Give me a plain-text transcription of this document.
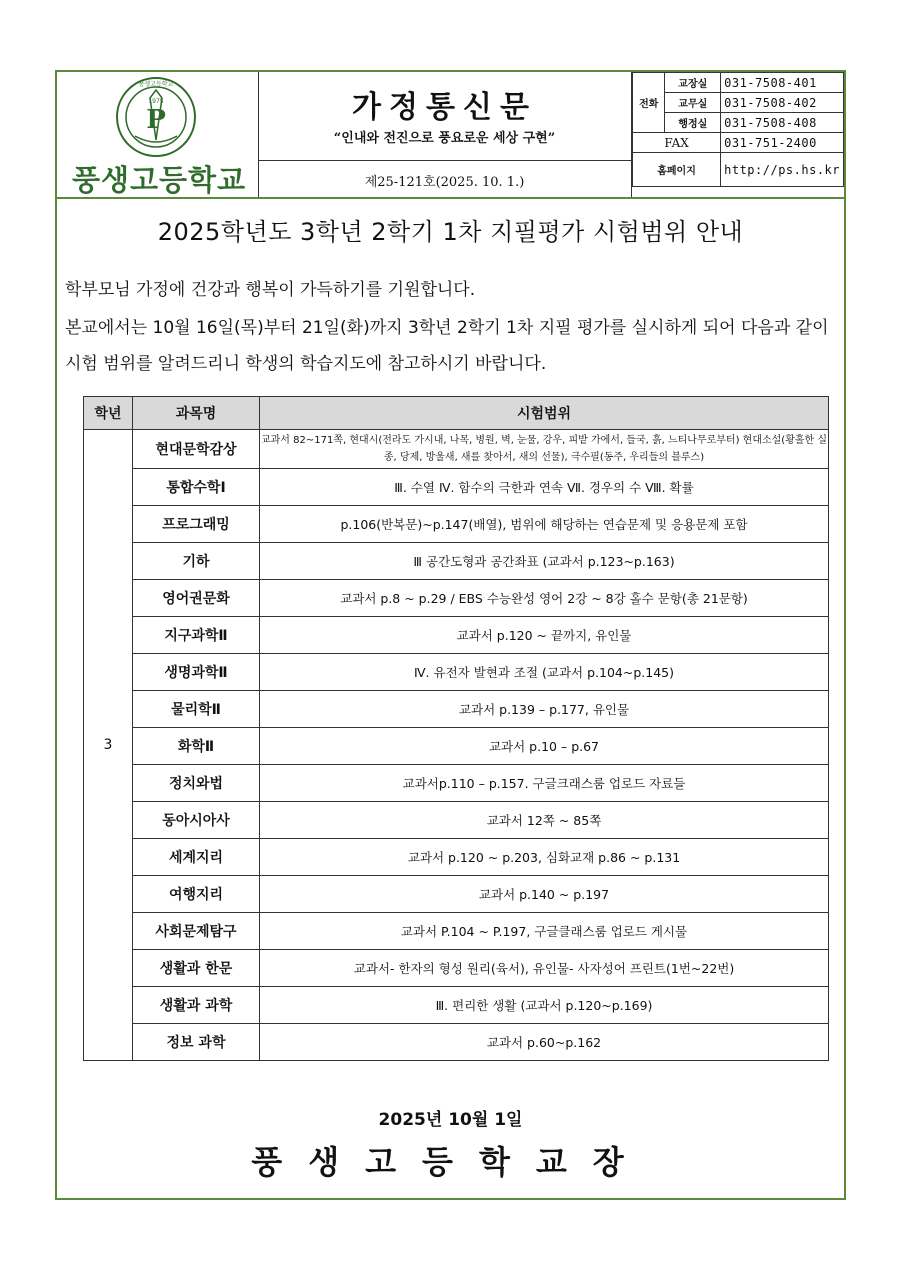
P
풍생고등학교
1975
풍생고등학교
가정통신문
“인내와 전진으로 풍요로운 세상 구현”
제25-121호(2025. 10. 1.)
전화	교장실	031-7508-401
	교무실	031-7508-402
	행정실	031-7508-408
FAX		031-751-2400
홈페이지		http://ps.hs.kr
2025학년도 3학년 2학기 1차 지필평가 시험범위 안내
학부모님 가정에 건강과 행복이 가득하기를 기원합니다.
본교에서는 10월 16일(목)부터 21일(화)까지 3학년 2학기 1차 지필 평가를 실시하게 되어 다음과 같이 시험 범위를 알려드리니 학생의 학습지도에 참고하시기 바랍니다.
학년	과목명	시험범위
3	현대문학감상	교과서 82~171쪽, 현대시(전라도 가시내, 나목, 병원, 벽, 눈물, 강우, 피밭 가에서, 들국, 흙, 느티나무로부터) 현대소설(황홀한 실종, 당제, 방울새, 새를 찾아서, 새의 선물), 극수필(동주, 우리들의 블루스)
	통합수학Ⅰ	Ⅲ. 수열 Ⅳ. 함수의 극한과 연속 Ⅶ. 경우의 수 Ⅷ. 확률
	프로그래밍	p.106(반복문)~p.147(배열), 범위에 해당하는 연습문제 및 응용문제 포함
	기하	Ⅲ 공간도형과 공간좌표 (교과서 p.123~p.163)
	영어권문화	교과서 p.8 ~ p.29 / EBS 수능완성 영어 2강 ~ 8강 홀수 문항(총 21문항)
	지구과학Ⅱ	교과서 p.120 ~ 끝까지, 유인물
	생명과학Ⅱ	Ⅳ. 유전자 발현과 조절 (교과서 p.104~p.145)
	물리학Ⅱ	교과서 p.139 – p.177, 유인물
	화학Ⅱ	교과서 p.10 – p.67
	정치와법	교과서p.110 – p.157. 구글크래스룸 업로드 자료들
	동아시아사	교과서 12쪽 ~ 85쪽
	세계지리	교과서 p.120 ~ p.203, 심화교재 p.86 ~ p.131
	여행지리	교과서 p.140 ~ p.197
	사회문제탐구	교과서 P.104 ~ P.197, 구글클래스룸 업로드 게시물
	생활과 한문	교과서- 한자의 형성 원리(육서), 유인물- 사자성어 프린트(1번~22번)
	생활과 과학	Ⅲ. 편리한 생활 (교과서 p.120~p.169)
	정보 과학	교과서 p.60~p.162
2025년 10월 1일
풍생고등학교장
